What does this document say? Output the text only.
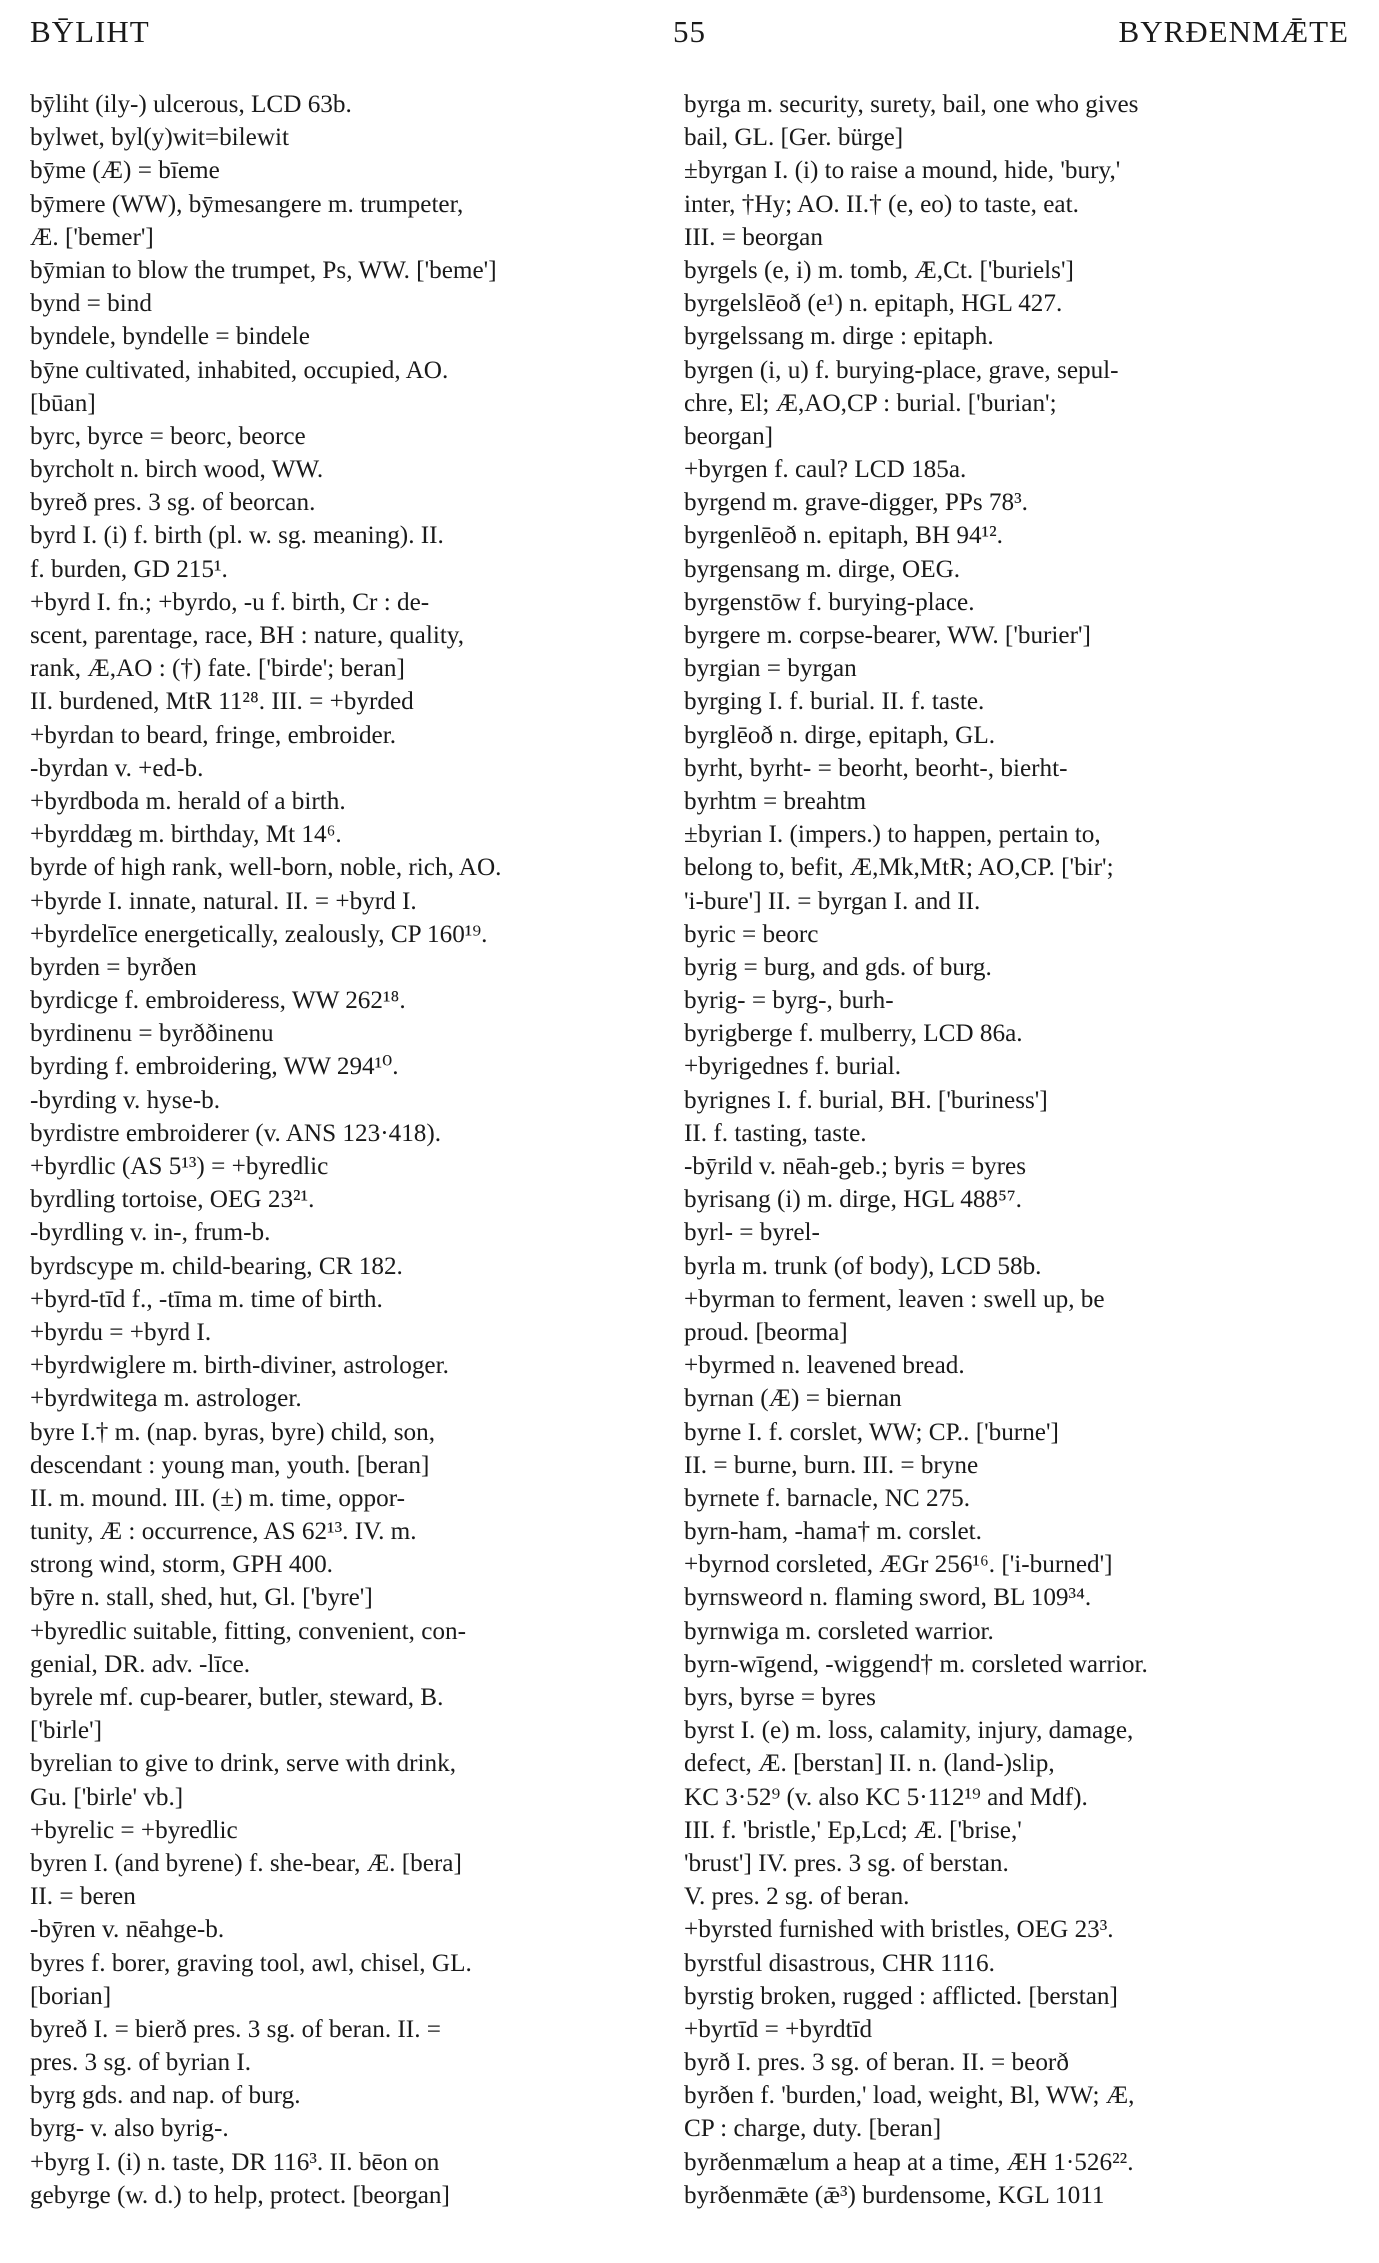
BȲLIHT	55	BYRÐENMǢTE
bȳliht (ily-) ulcerous, LCD 63b.
bylwet, byl(y)wit=bilewit
bȳme (Æ) = bīeme
bȳmere (WW), bȳmesangere m. trumpeter,
Æ. ['bemer']
bȳmian to blow the trumpet, Ps, WW. ['beme']
bynd = bind
byndele, byndelle = bindele
bȳne cultivated, inhabited, occupied, AO.
[būan]
byrc, byrce = beorc, beorce
byrcholt n. birch wood, WW.
byreð pres. 3 sg. of beorcan.
byrd I. (i) f. birth (pl. w. sg. meaning). II.
f. burden, GD 215¹.
+byrd I. fn.; +byrdo, -u f. birth, Cr : de-
scent, parentage, race, BH : nature, quality,
rank, Æ,AO : (†) fate. ['birde'; beran]
II. burdened, MtR 11²⁸. III. = +byrded
+byrdan to beard, fringe, embroider.
-byrdan v. +ed-b.
+byrdboda m. herald of a birth.
+byrddæg m. birthday, Mt 14⁶.
byrde of high rank, well-born, noble, rich, AO.
+byrde I. innate, natural. II. = +byrd I.
+byrdelīce energetically, zealously, CP 160¹⁹.
byrden = byrðen
byrdicge f. embroideress, WW 262¹⁸.
byrdinenu = byrððinenu
byrding f. embroidering, WW 294¹⁰.
-byrding v. hyse-b.
byrdistre embroiderer (v. ANS 123·418).
+byrdlic (AS 5¹³) = +byredlic
byrdling tortoise, OEG 23²¹.
-byrdling v. in-, frum-b.
byrdscype m. child-bearing, CR 182.
+byrd-tīd f., -tīma m. time of birth.
+byrdu = +byrd I.
+byrdwiglere m. birth-diviner, astrologer.
+byrdwitega m. astrologer.
byre I.† m. (nap. byras, byre) child, son,
descendant : young man, youth. [beran]
II. m. mound. III. (±) m. time, oppor-
tunity, Æ : occurrence, AS 62¹³. IV. m.
strong wind, storm, GPH 400.
bȳre n. stall, shed, hut, Gl. ['byre']
+byredlic suitable, fitting, convenient, con-
genial, DR. adv. -līce.
byrele mf. cup-bearer, butler, steward, B.
['birle']
byrelian to give to drink, serve with drink,
Gu. ['birle' vb.]
+byrelic = +byredlic
byren I. (and byrene) f. she-bear, Æ. [bera]
II. = beren
-bȳren v. nēahge-b.
byres f. borer, graving tool, awl, chisel, GL.
[borian]
byreð I. = bierð pres. 3 sg. of beran. II. =
pres. 3 sg. of byrian I.
byrg gds. and nap. of burg.
byrg- v. also byrig-.
+byrg I. (i) n. taste, DR 116³. II. bēon on
gebyrge (w. d.) to help, protect. [beorgan]
byrga m. security, surety, bail, one who gives
bail, GL. [Ger. bürge]
±byrgan I. (i) to raise a mound, hide, 'bury,'
inter, †Hy; AO. II.† (e, eo) to taste, eat.
III. = beorgan
byrgels (e, i) m. tomb, Æ,Ct. ['buriels']
byrgelslēoð (e¹) n. epitaph, HGL 427.
byrgelssang m. dirge : epitaph.
byrgen (i, u) f. burying-place, grave, sepul-
chre, El; Æ,AO,CP : burial. ['burian';
beorgan]
+byrgen f. caul? LCD 185a.
byrgend m. grave-digger, PPs 78³.
byrgenlēoð n. epitaph, BH 94¹².
byrgensang m. dirge, OEG.
byrgenstōw f. burying-place.
byrgere m. corpse-bearer, WW. ['burier']
byrgian = byrgan
byrging I. f. burial. II. f. taste.
byrglēoð n. dirge, epitaph, GL.
byrht, byrht- = beorht, beorht-, bierht-
byrhtm = breahtm
±byrian I. (impers.) to happen, pertain to,
belong to, befit, Æ,Mk,MtR; AO,CP. ['bir';
'i-bure'] II. = byrgan I. and II.
byric = beorc
byrig = burg, and gds. of burg.
byrig- = byrg-, burh-
byrigberge f. mulberry, LCD 86a.
+byrigednes f. burial.
byrignes I. f. burial, BH. ['buriness']
II. f. tasting, taste.
-bȳrild v. nēah-geb.; byris = byres
byrisang (i) m. dirge, HGL 488⁵⁷.
byrl- = byrel-
byrla m. trunk (of body), LCD 58b.
+byrman to ferment, leaven : swell up, be
proud. [beorma]
+byrmed n. leavened bread.
byrnan (Æ) = biernan
byrne I. f. corslet, WW; CP.. ['burne']
II. = burne, burn. III. = bryne
byrnete f. barnacle, NC 275.
byrn-ham, -hama† m. corslet.
+byrnod corsleted, ÆGr 256¹⁶. ['i-burned']
byrnsweord n. flaming sword, BL 109³⁴.
byrnwiga m. corsleted warrior.
byrn-wīgend, -wiggend† m. corsleted warrior.
byrs, byrse = byres
byrst I. (e) m. loss, calamity, injury, damage,
defect, Æ. [berstan] II. n. (land-)slip,
KC 3·52⁹ (v. also KC 5·112¹⁹ and Mdf).
III. f. 'bristle,' Ep,Lcd; Æ. ['brise,'
'brust'] IV. pres. 3 sg. of berstan.
V. pres. 2 sg. of beran.
+byrsted furnished with bristles, OEG 23³.
byrstful disastrous, CHR 1116.
byrstig broken, rugged : afflicted. [berstan]
+byrtīd = +byrdtīd
byrð I. pres. 3 sg. of beran. II. = beorð
byrðen f. 'burden,' load, weight, Bl, WW; Æ,
CP : charge, duty. [beran]
byrðenmælum a heap at a time, ÆH 1·526²².
byrðenmǣte (ǣ³) burdensome, KGL 1011
